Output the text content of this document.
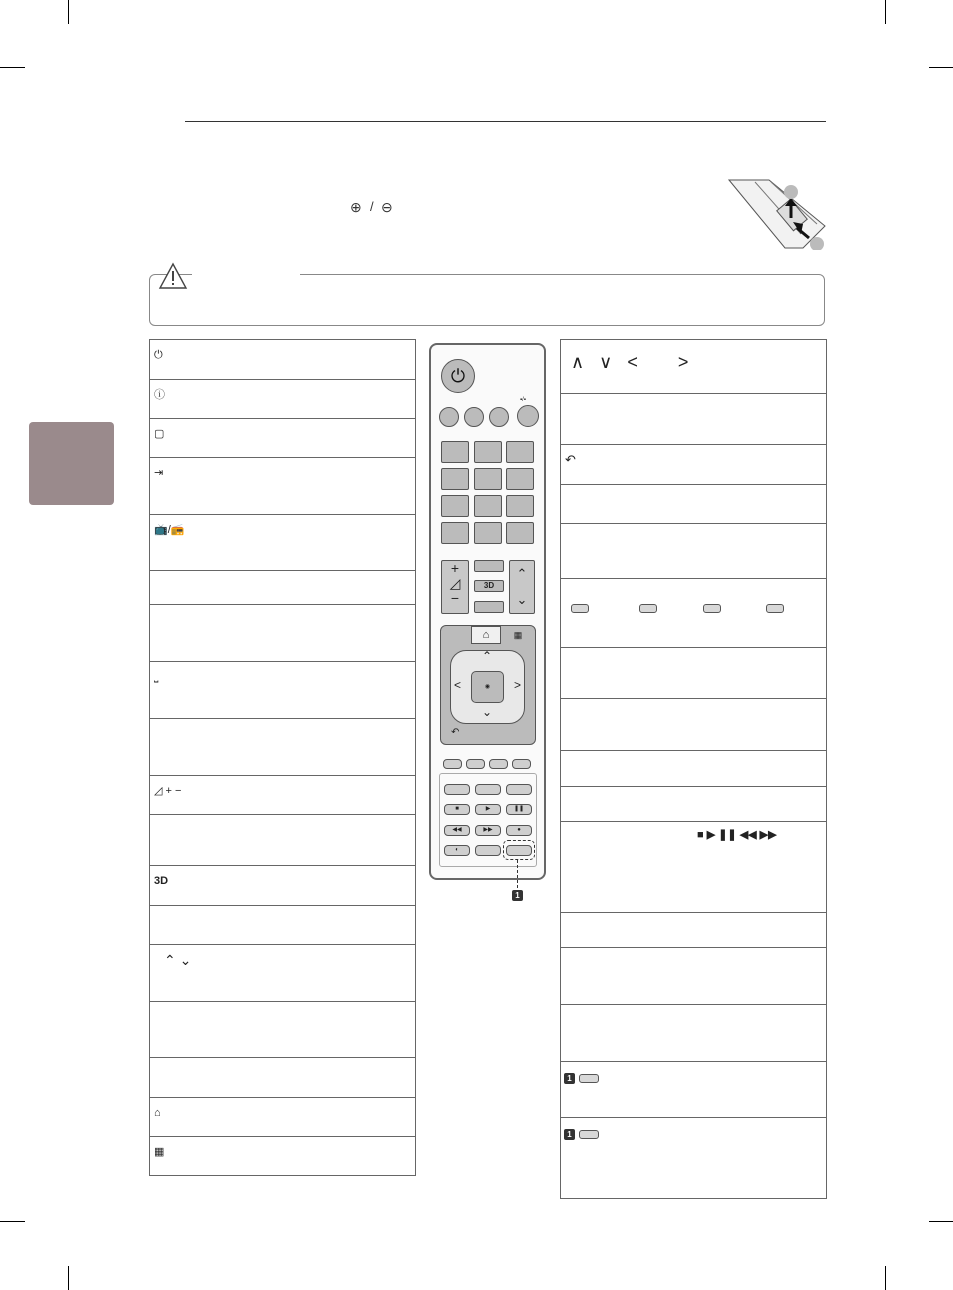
⊕ / ⊖
⏻
ⓘ
▢
⇥
📺/📻
⎵
◿ + −
3D
⌃ ⌄
⌂
▦
∧   ∨   <        >
↶
■ ▶ ❚❚ ◀◀ ▶▶
1
1
⏻
▪/▪
+
◿
−
3D
⌃
⌄
⌂	▦
⌃
⌄
<	>
◉
↶
■	▶	❚❚
◀◀	▶▶	●
◐
1
